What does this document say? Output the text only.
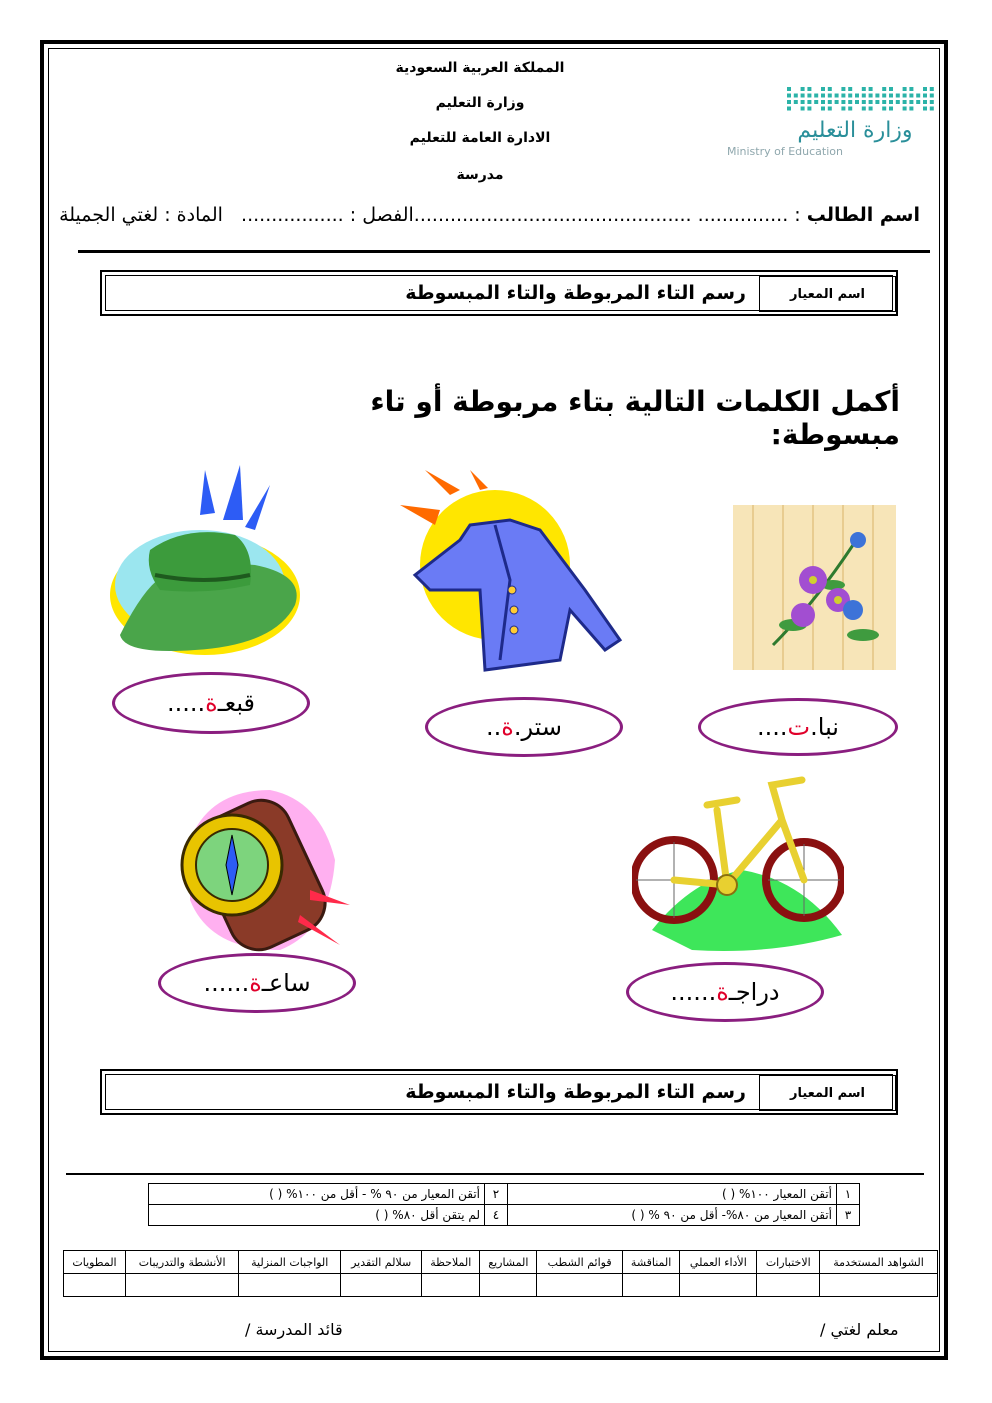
المملكة العربية السعودية
وزارة التعليم
الادارة العامة للتعليم
مدرسة
وزارة التعليم
Ministry of Education
اسم الطالب : ............... ..............................................الفصل : .................   المادة : لغتي الجميلة
اسم المعيار
رسم التاء المربوطة والتاء المبسوطة
أكمل الكلمات التالية بتاء مربوطة أو تاء مبسوطة:
قبعـ
ة
.....
ستر.
ة
..	نبا.
ت
....
ساعـ
ة
......	دراجـ
ة
......
اسم المعيار
رسم التاء المربوطة والتاء المبسوطة
١	أتقن المعيار ١٠٠% ( )	٢	أتقن المعيار من ٩٠ % - أقل من ١٠٠% ( )
٣	أتقن المعيار من ٨٠%- أقل من ٩٠ % ( )	٤	لم يتقن أقل ٨٠% ( )
الشواهد المستخدمة	الاختبارات	الأداء العملي	المناقشة	قوائم الشطب	المشاريع	الملاحظة	سلالم التقدير	الواجبات المنزلية	الأنشطة والتدريبات	المطويات

معلم لغتي /
قائد المدرسة /
